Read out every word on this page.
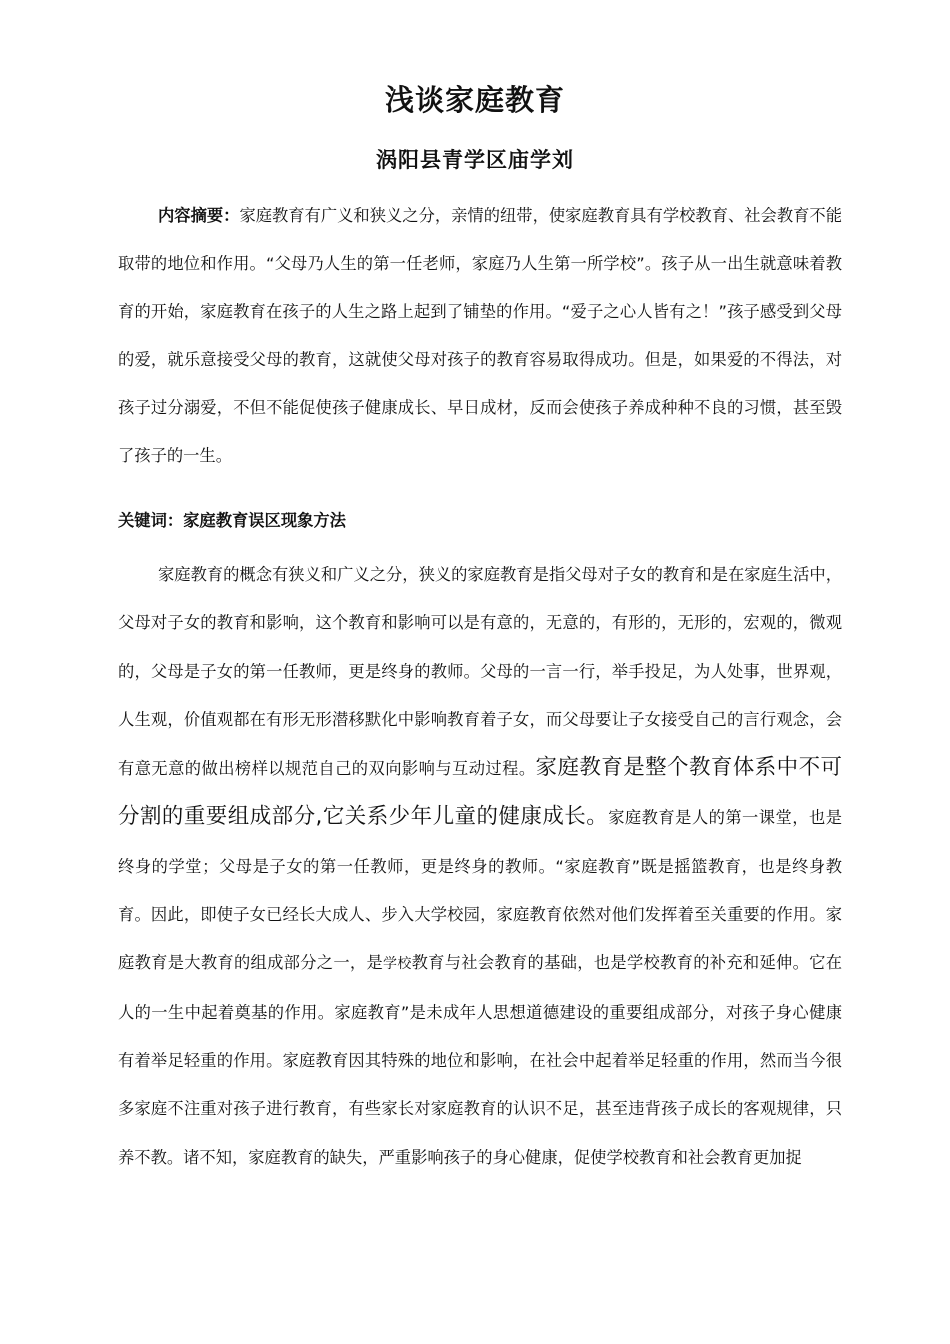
浅谈家庭教育
涡阳县青学区庙学刘
内容摘要：家庭教育有广义和狭义之分，亲情的纽带，使家庭教育具有学校教育、社会教育不能取带的地位和作用。“父母乃人生的第一任老师，家庭乃人生第一所学校”。孩子从一出生就意味着教育的开始，家庭教育在孩子的人生之路上起到了铺垫的作用。“爱子之心人皆有之！”孩子感受到父母的爱，就乐意接受父母的教育，这就使父母对孩子的教育容易取得成功。但是，如果爱的不得法，对孩子过分溺爱，不但不能促使孩子健康成长、早日成材，反而会使孩子养成种种不良的习惯，甚至毁了孩子的一生。
关键词：家庭教育误区现象方法
家庭教育的概念有狭义和广义之分，狭义的家庭教育是指父母对子女的教育和是在家庭生活中，父母对子女的教育和影响，这个教育和影响可以是有意的，无意的，有形的，无形的，宏观的，微观的，父母是子女的第一任教师，更是终身的教师。父母的一言一行，举手投足，为人处事，世界观，人生观，价值观都在有形无形潜移默化中影响教育着子女，而父母要让子女接受自己的言行观念，会有意无意的做出榜样以规范自己的双向影响与互动过程。家庭教育是整个教育体系中不可分割的重要组成部分,它关系少年儿童的健康成长。家庭教育是人的第一课堂，也是终身的学堂；父母是子女的第一任教师，更是终身的教师。“家庭教育”既是摇篮教育，也是终身教育。因此，即使子女已经长大成人、步入大学校园，家庭教育依然对他们发挥着至关重要的作用。家庭教育是大教育的组成部分之一，是学校教育与社会教育的基础，也是学校教育的补充和延伸。它在人的一生中起着奠基的作用。家庭教育”是未成年人思想道德建设的重要组成部分，对孩子身心健康有着举足轻重的作用。家庭教育因其特殊的地位和影响，在社会中起着举足轻重的作用，然而当今很多家庭不注重对孩子进行教育，有些家长对家庭教育的认识不足，甚至违背孩子成长的客观规律，只养不教。诸不知，家庭教育的缺失，严重影响孩子的身心健康，促使学校教育和社会教育更加捉
